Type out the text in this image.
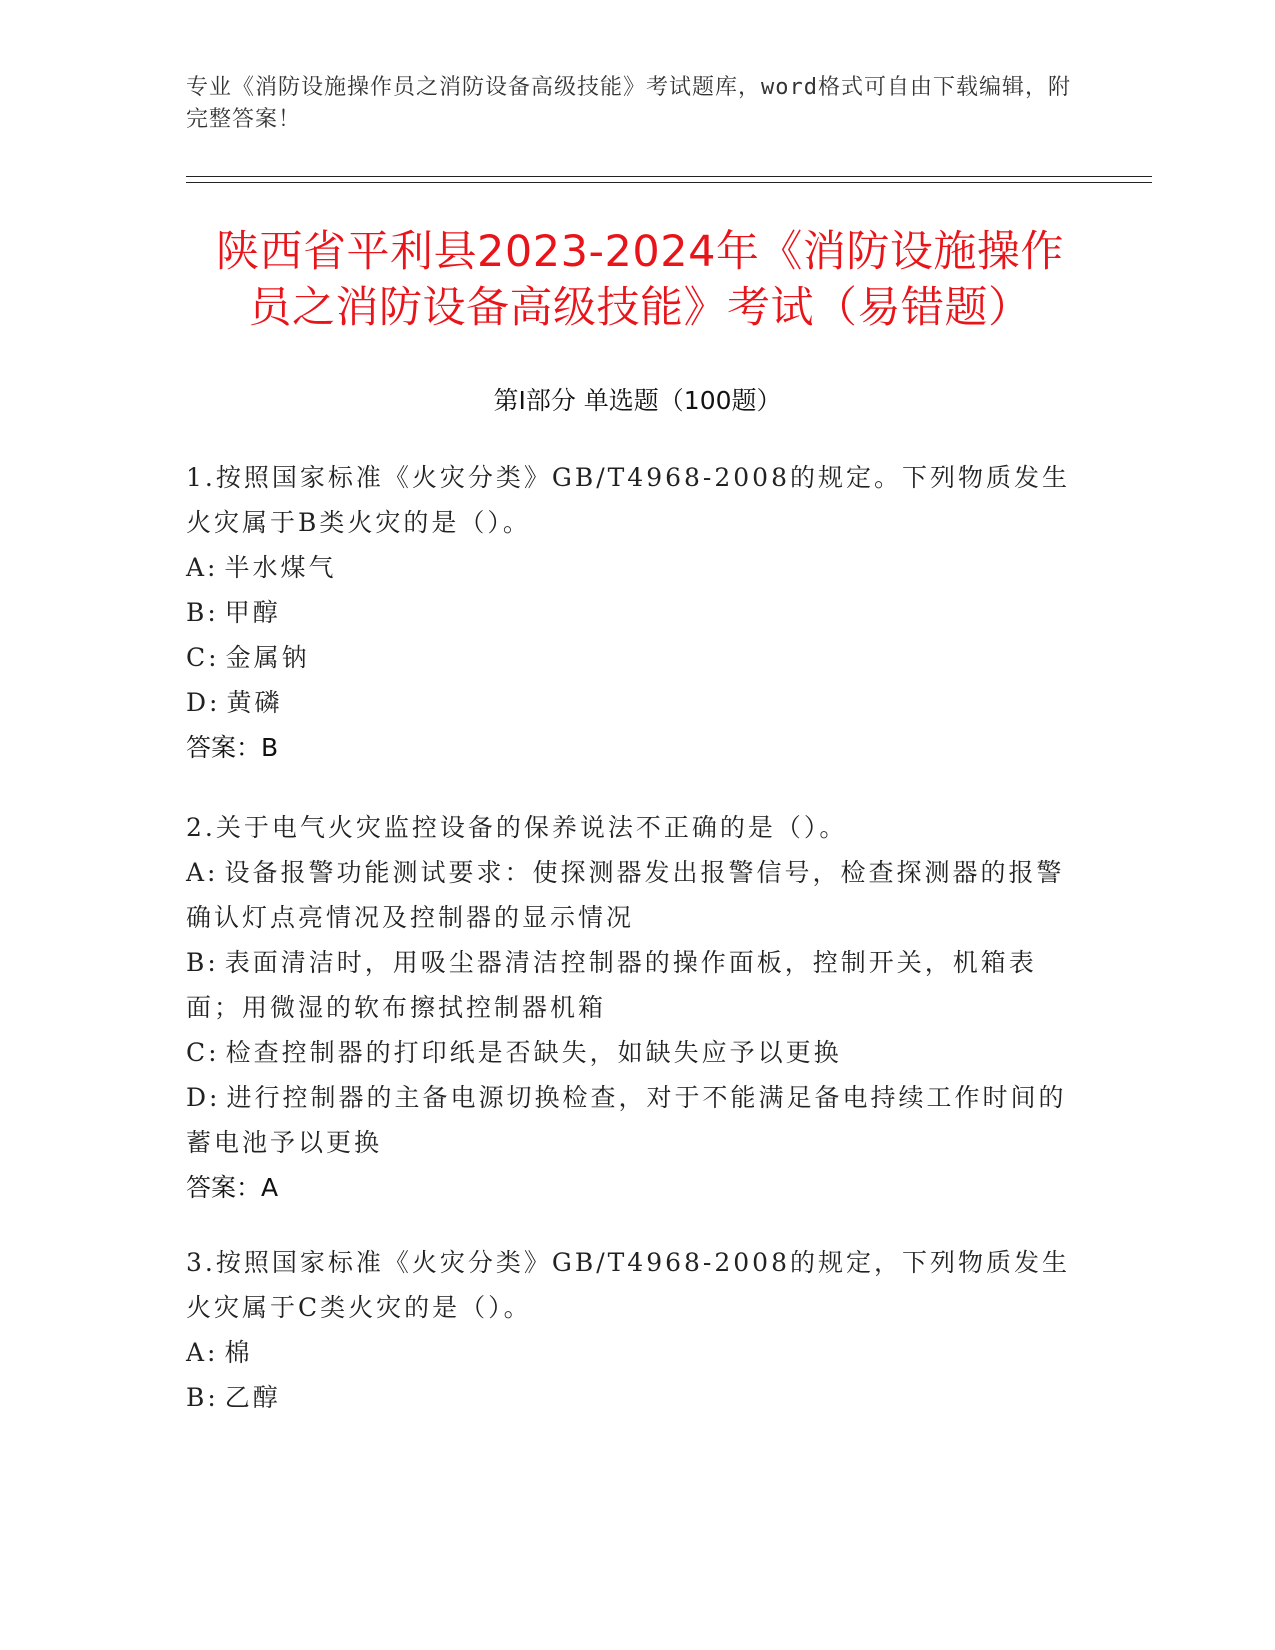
专业《消防设施操作员之消防设备高级技能》考试题库，word格式可自由下载编辑，附完整答案！
陕西省平利县2023-2024年《消防设施操作
员之消防设备高级技能》考试（易错题）
第I部分 单选题（100题）

1.按照国家标准《火灾分类》GB/T4968-2008的规定。下列物质发生火灾属于B类火灾的是（）。

A: 半水煤气

B: 甲醇

C: 金属钠

D: 黄磷

答案：B

2.关于电气火灾监控设备的保养说法不正确的是（）。

A: 设备报警功能测试要求：使探测器发出报警信号，检查探测器的报警确认灯点亮情况及控制器的显示情况

B: 表面清洁时，用吸尘器清洁控制器的操作面板，控制开关，机箱表面；用微湿的软布擦拭控制器机箱

C: 检查控制器的打印纸是否缺失，如缺失应予以更换

D: 进行控制器的主备电源切换检查，对于不能满足备电持续工作时间的蓄电池予以更换

答案：A

3.按照国家标准《火灾分类》GB/T4968-2008的规定，下列物质发生火灾属于C类火灾的是（）。

A: 棉

B: 乙醇
